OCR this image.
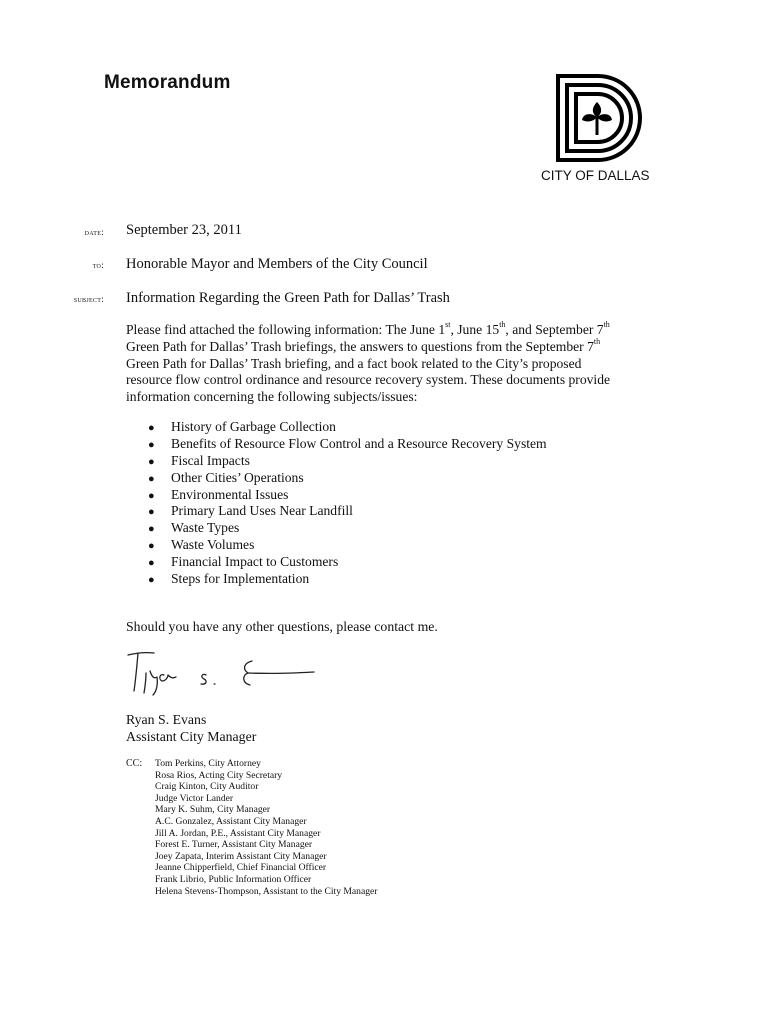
Memorandum
CITY OF DALLAS
date: September 23, 2011
to: Honorable Mayor and Members of the City Council
subject: Information Regarding the Green Path for Dallas’ Trash
Please find attached the following information: The June 1st, June 15th, and September 7th Green Path for Dallas’ Trash briefings, the answers to questions from the September 7th Green Path for Dallas’ Trash briefing, and a fact book related to the City’s proposed resource flow control ordinance and resource recovery system. These documents provide information concerning the following subjects/issues:
● History of Garbage Collection
● Benefits of Resource Flow Control and a Resource Recovery System
● Fiscal Impacts
● Other Cities’ Operations
● Environmental Issues
● Primary Land Uses Near Landfill
● Waste Types
● Waste Volumes
● Financial Impact to Customers
● Steps for Implementation
Should you have any other questions, please contact me.
Ryan S. Evans
Assistant City Manager
CC: Tom Perkins, City Attorney
Rosa Rios, Acting City Secretary
Craig Kinton, City Auditor
Judge Victor Lander
Mary K. Suhm, City Manager
A.C. Gonzalez, Assistant City Manager
Jill A. Jordan, P.E., Assistant City Manager
Forest E. Turner, Assistant City Manager
Joey Zapata, Interim Assistant City Manager
Jeanne Chipperfield, Chief Financial Officer
Frank Librio, Public Information Officer
Helena Stevens-Thompson, Assistant to the City Manager
